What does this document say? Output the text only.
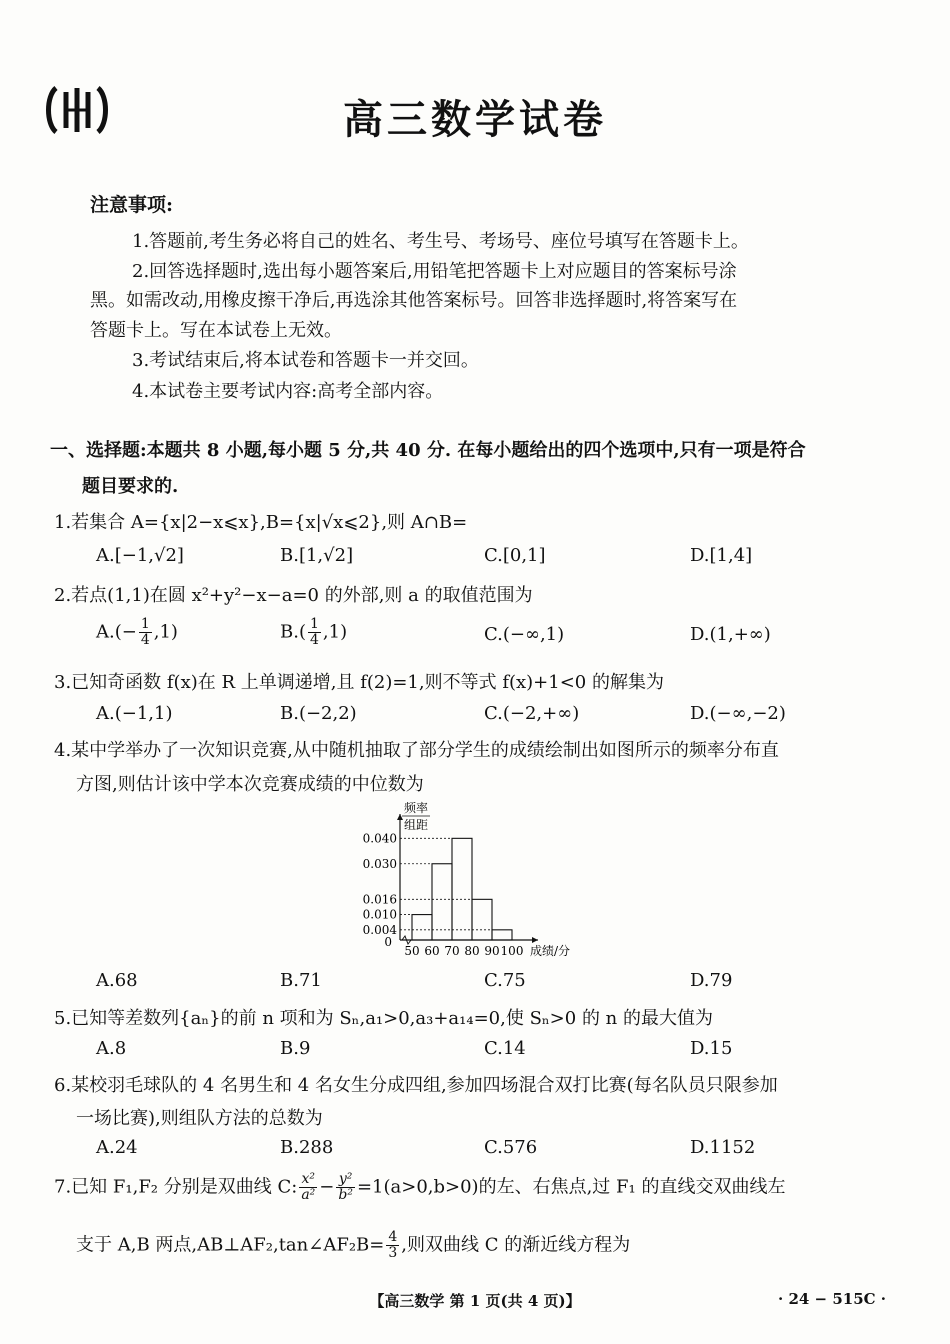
高三数学试卷
注意事项:
1.答题前,考生务必将自己的姓名、考生号、考场号、座位号填写在答题卡上。
2.回答选择题时,选出每小题答案后,用铅笔把答题卡上对应题目的答案标号涂
黑。如需改动,用橡皮擦干净后,再选涂其他答案标号。回答非选择题时,将答案写在
答题卡上。写在本试卷上无效。
3.考试结束后,将本试卷和答题卡一并交回。
4.本试卷主要考试内容:高考全部内容。
一、选择题:本题共 8 小题,每小题 5 分,共 40 分. 在每小题给出的四个选项中,只有一项是符合
题目要求的.
1.若集合 A={x|2−x⩽x},B={x|√x⩽2},则 A∩B=
A.[−1,√2]	B.[1,√2]	C.[0,1]	D.[1,4]
2.若点(1,1)在圆 x²+y²−x−a=0 的外部,则 a 的取值范围为
$A.(- \frac{1}{4} ,1)$	$B.( \frac{1}{4} ,1)$	C.(−∞,1)	D.(1,+∞)
3.已知奇函数 f(x)在 R 上单调递增,且 f(2)=1,则不等式 f(x)+1<0 的解集为
A.(−1,1)	B.(−2,2)	C.(−2,+∞)	D.(−∞,−2)
4.某中学举办了一次知识竞赛,从中随机抽取了部分学生的成绩绘制出如图所示的频率分布直
方图,则估计该中学本次竞赛成绩的中位数为
频率
组距
0.004
0.010
0.016
0.030
0.040
0
50 60 70 80 90 100 成绩/分
A.68	B.71	C.75	D.79
5.已知等差数列{aₙ}的前 n 项和为 Sₙ,a₁>0,a₃+a₁₄=0,使 Sₙ>0 的 n 的最大值为
A.8	B.9	C.14	D.15
6.某校羽毛球队的 4 名男生和 4 名女生分成四组,参加四场混合双打比赛(每名队员只限参加
一场比赛),则组队方法的总数为
A.24	B.288	C.576	D.1152
7.已知 F₁,F₂ 分别是双曲线 C: $\frac{\text{x²}}{\text{a²}} - \frac{\text{y²}}{\text{b²}} =1(a>0,b>0)$的左、右焦点,过 F₁ 的直线交双曲线左
支于 A,B 两点,AB⊥AF₂,tan∠AF₂B= $\frac{4}{3}$ ,则双曲线 C 的渐近线方程为
【高三数学 第 1 页(共 4 页)】	· 24 − 515C ·
